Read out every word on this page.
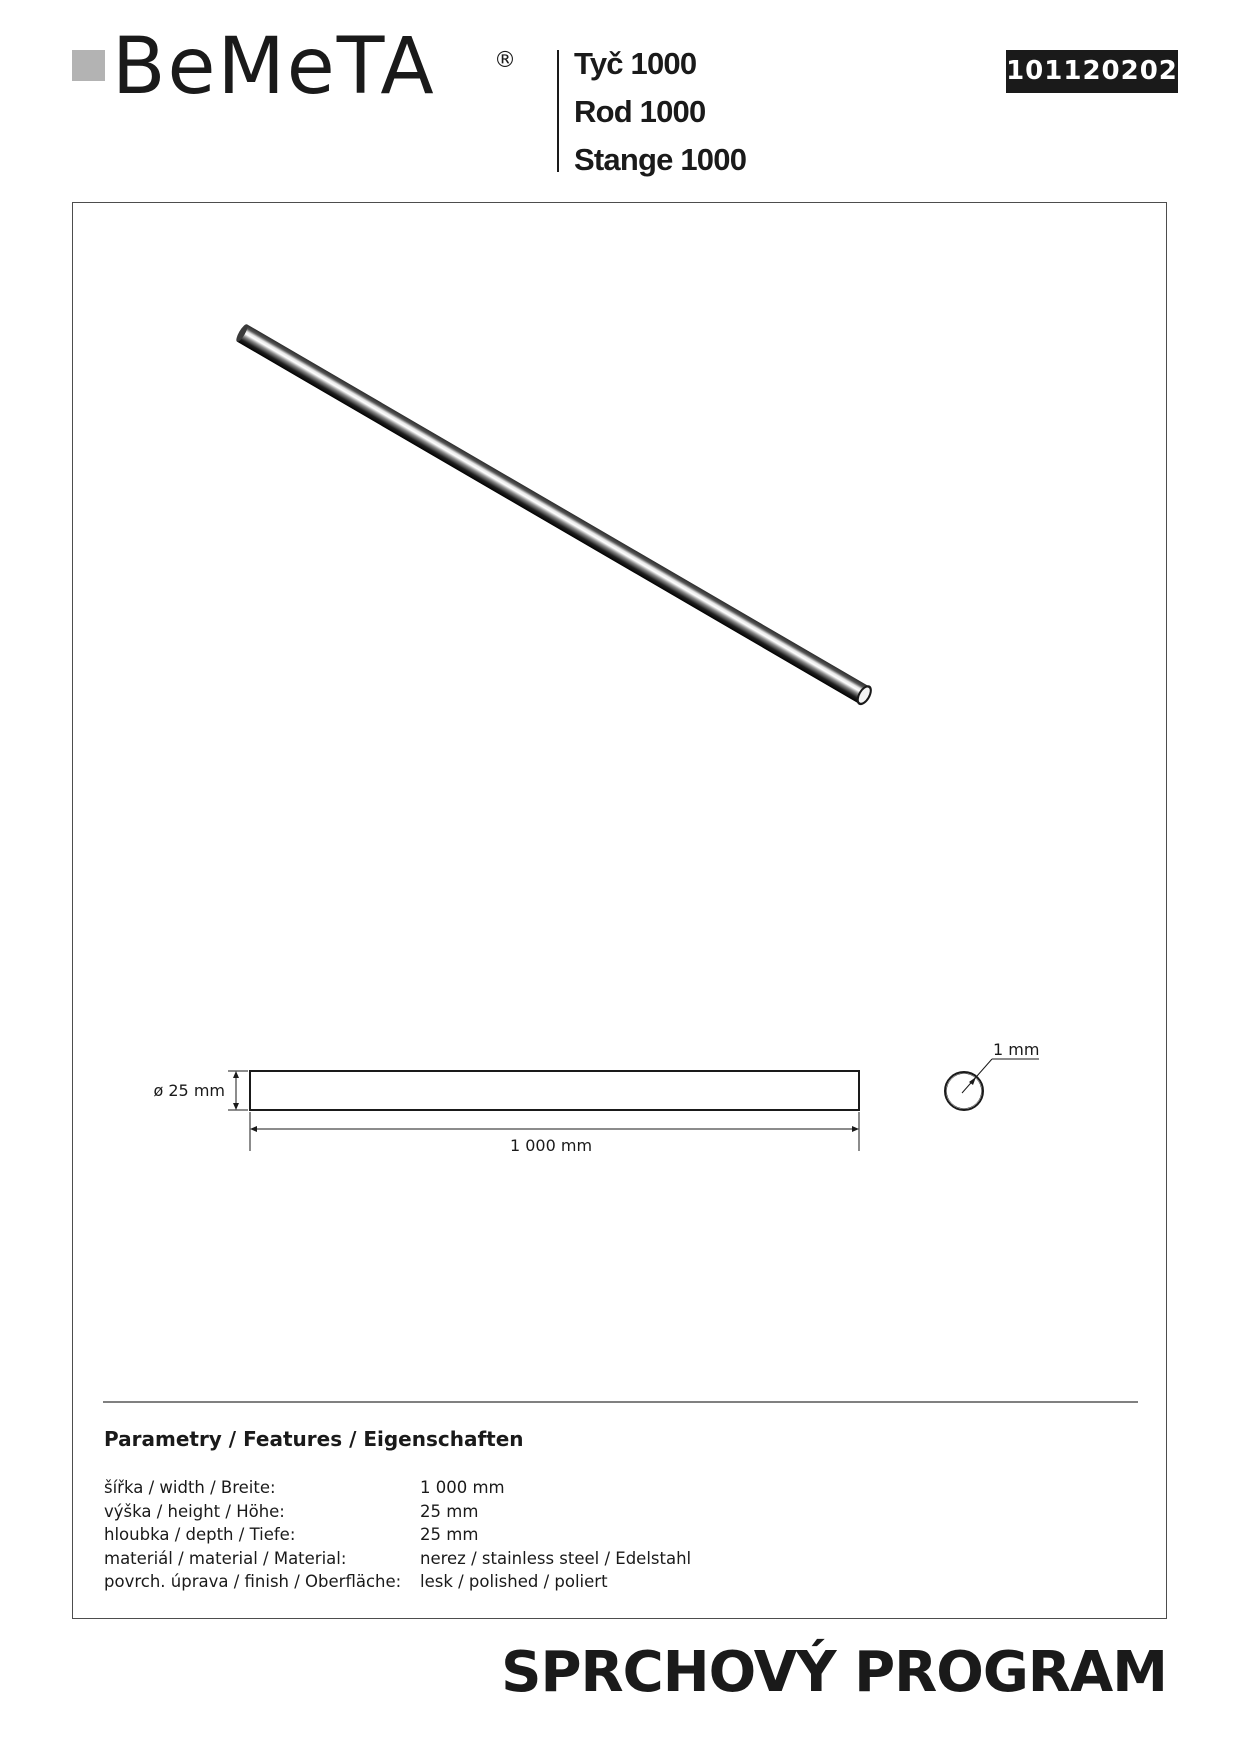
BeMeTA	® Tyč 1000
Rod 1000
Stange 1000
101120202
ø 25 mm
1 000 mm
1 mm
Parametry / Features / Eigenschaften
šířka / width / Breite:	1 000 mm
výška / height / Höhe:	25 mm
hloubka / depth / Tiefe:	25 mm
materiál / material / Material:	nerez / stainless steel / Edelstahl
povrch. úprava / finish / Oberfläche: lesk / polished / poliert
SPRCHOVÝ PROGRAM
